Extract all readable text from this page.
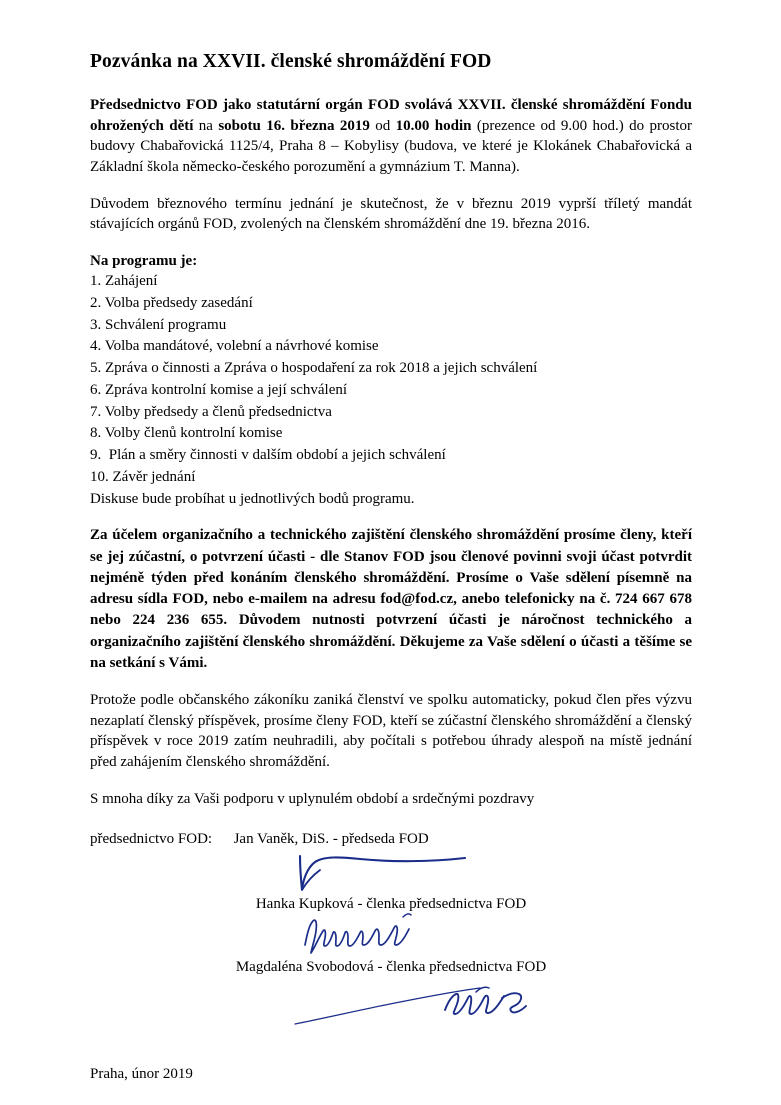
Pozvánka na XXVII. členské shromáždění FOD

Předsednictvo FOD jako statutární orgán FOD svolává XXVII. členské shromáždění Fondu ohrožených dětí na sobotu 16. března 2019 od 10.00 hodin (prezence od 9.00 hod.) do prostor budovy Chabařovická 1125/4, Praha 8 – Kobylisy (budova, ve které je Klokánek Chabařovická a Základní škola německo-českého porozumění a gymnázium T. Manna).

Důvodem březnového termínu jednání je skutečnost, že v březnu 2019 vyprší tříletý mandát stávajících orgánů FOD, zvolených na členském shromáždění dne 19. března 2016.

Na programu je:

1. Zahájení
2. Volba předsedy zasedání
3. Schválení programu
4. Volba mandátové, volební a návrhové komise
5. Zpráva o činnosti a Zpráva o hospodaření za rok 2018 a jejich schválení
6. Zpráva kontrolní komise a její schválení
7. Volby předsedy a členů předsednictva
8. Volby členů kontrolní komise
9.  Plán a směry činnosti v dalším období a jejich schválení
10. Závěr jednání

Diskuse bude probíhat u jednotlivých bodů programu.

Za účelem organizačního a technického zajištění členského shromáždění prosíme členy, kteří se jej zúčastní, o potvrzení účasti - dle Stanov FOD jsou členové povinni svoji účast potvrdit nejméně týden před konáním členského shromáždění. Prosíme o Vaše sdělení písemně na adresu sídla FOD, nebo e-mailem na adresu fod@fod.cz, anebo telefonicky na č. 724 667 678 nebo 224 236 655. Důvodem nutnosti potvrzení účasti je náročnost technického a organizačního zajištění členského shromáždění. Děkujeme za Vaše sdělení o účasti a těšíme se na setkání s Vámi.

Protože podle občanského zákoníku zaniká členství ve spolku automaticky, pokud člen přes výzvu nezaplatí členský příspěvek, prosíme členy FOD, kteří se zúčastní členského shromáždění a členský příspěvek v roce 2019 zatím neuhradili, aby počítali s potřebou úhrady alespoň na místě jednání před zahájením členského shromáždění.

S mnoha díky za Vaši podporu v uplynulém období a srdečnými pozdravy

předsednictvo FOD: Jan Vaněk, DiS. - předseda FOD
Hanka Kupková - členka předsednictva FOD
Magdaléna Svobodová - členka předsednictva FOD
Praha, únor 2019
